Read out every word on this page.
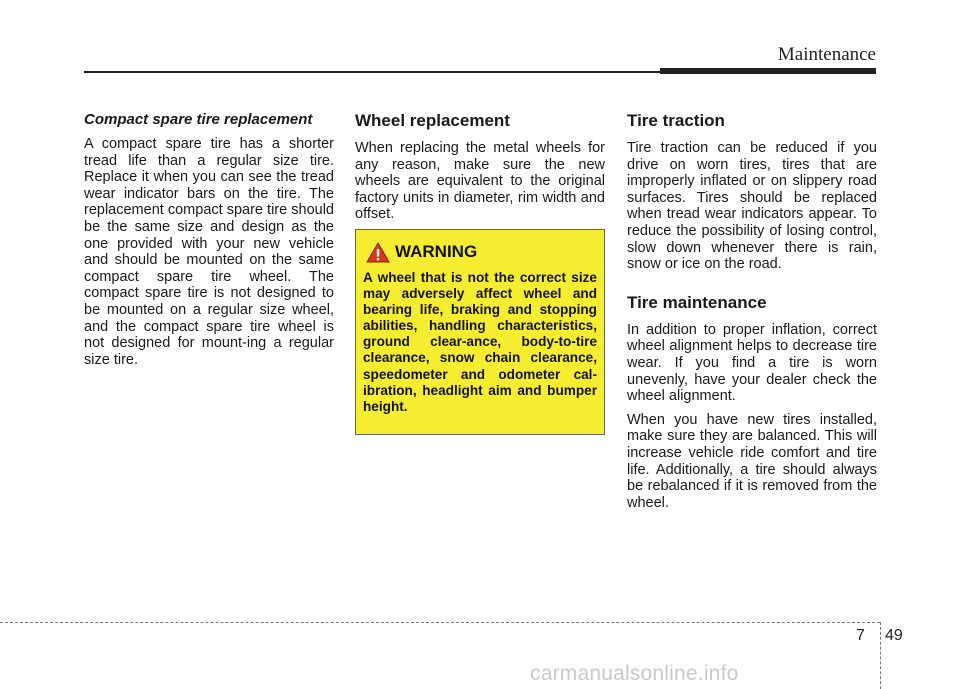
Maintenance
Compact spare tire replacement

A compact spare tire has a shorter tread life than a regular size tire. Replace it when you can see the tread wear indicator bars on the tire. The replacement compact spare tire should be the same size and design as the one provided with your new vehicle and should be mounted on the same compact spare tire wheel. The compact spare tire is not designed to be mounted on a regular size wheel, and the compact spare tire wheel is not designed for mount-ing a regular size tire.

Wheel replacement

When replacing the metal wheels for any reason, make sure the new wheels are equivalent to the original factory units in diameter, rim width and offset.

WARNING

A wheel that is not the correct size may adversely affect wheel and bearing life, braking and stopping abilities, handling characteristics, ground clear-ance, body-to-tire clearance, snow chain clearance, speedometer and odometer cal-ibration, headlight aim and bumper height.

Tire traction

Tire traction can be reduced if you drive on worn tires, tires that are improperly inflated or on slippery road surfaces. Tires should be replaced when tread wear indicators appear. To reduce the possibility of losing control, slow down whenever there is rain, snow or ice on the road.

Tire maintenance

In addition to proper inflation, correct wheel alignment helps to decrease tire wear. If you find a tire is worn unevenly, have your dealer check the wheel alignment.

When you have new tires installed, make sure they are balanced. This will increase vehicle ride comfort and tire life. Additionally, a tire should always be rebalanced if it is removed from the wheel.

7 49
carmanualsonline.info
